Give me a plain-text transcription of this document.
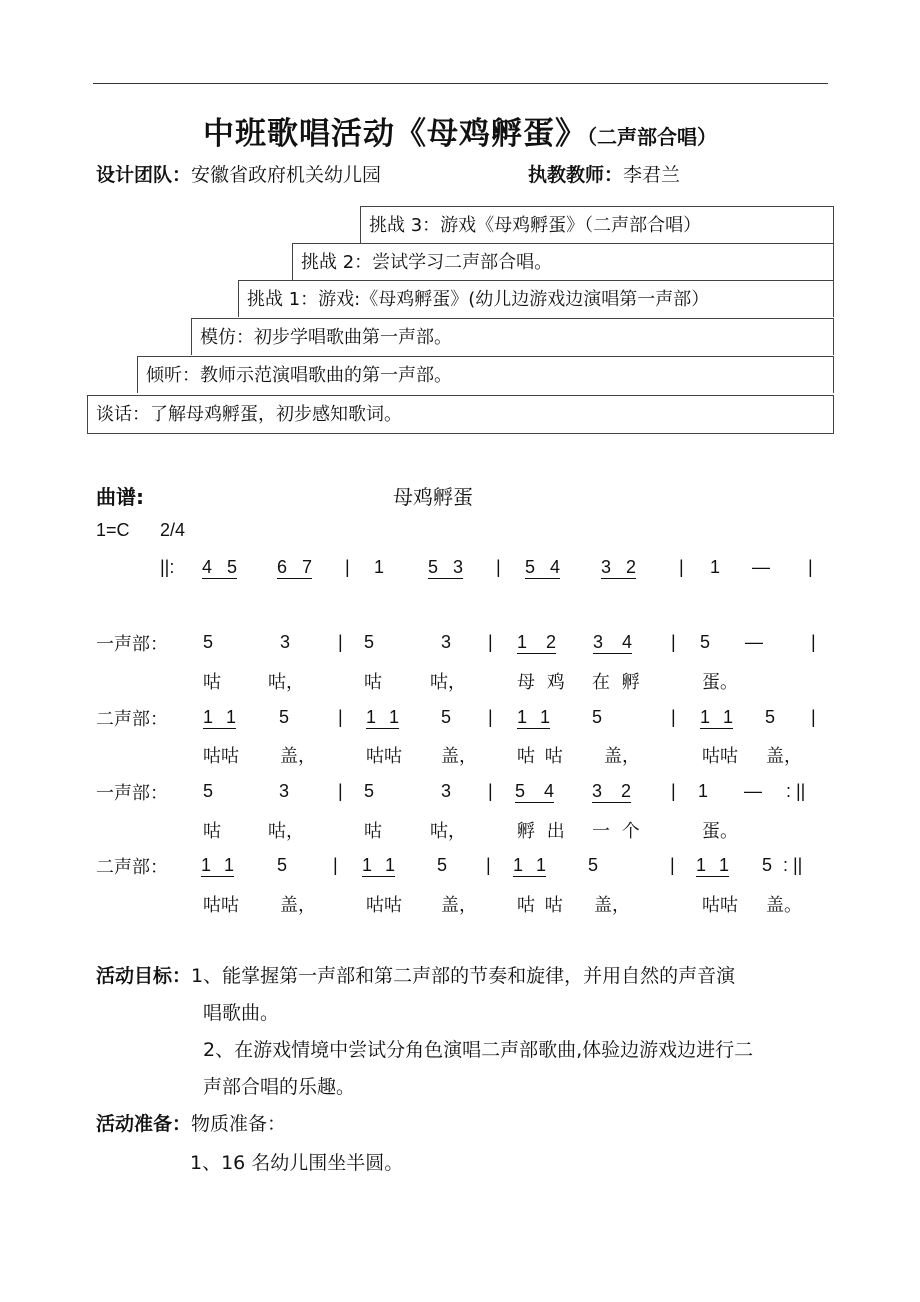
中班歌唱活动《母鸡孵蛋》（二声部合唱）
设计团队：安徽省政府机关幼儿园	执教教师：李君兰
挑战 3：游戏《母鸡孵蛋》（二声部合唱）
挑战 2：尝试学习二声部合唱。
挑战 1：游戏:《母鸡孵蛋》(幼儿边游戏边演唱第一声部）
模仿：初步学唱歌曲第一声部。
倾听：教师示范演唱歌曲的第一声部。
谈话：了解母鸡孵蛋，初步感知歌词。
曲谱:	母鸡孵蛋
1=C 2/4
||: 4 5 6 7 | 1 5 3 | 5 4 3 2 | 1 — |
一声部： 5	3	| 5	3 | 1 2 3 4 | 5 —	|
咕	咕，	咕	咕，	母 鸡 在 孵	蛋。
二声部： 1 1 5	| 1 1 5 | 1 1 5	| 1 1 5 |
咕咕 盖，	咕咕 盖， 咕 咕 盖，	咕咕 盖，
一声部： 5	3	| 5	3 | 5 4 3 2 | 1 — : ||
咕	咕，	咕	咕，	孵 出 一 个	蛋。
二声部： 1 1 5	| 1 1 5 | 1 1 5	| 1 1 5 : ||
咕咕 盖，	咕咕 盖， 咕 咕 盖，	咕咕 盖。
活动目标：1、能掌握第一声部和第二声部的节奏和旋律，并用自然的声音演
唱歌曲。
2、在游戏情境中尝试分角色演唱二声部歌曲,体验边游戏边进行二
声部合唱的乐趣。
活动准备：物质准备：
1、16 名幼儿围坐半圆。
